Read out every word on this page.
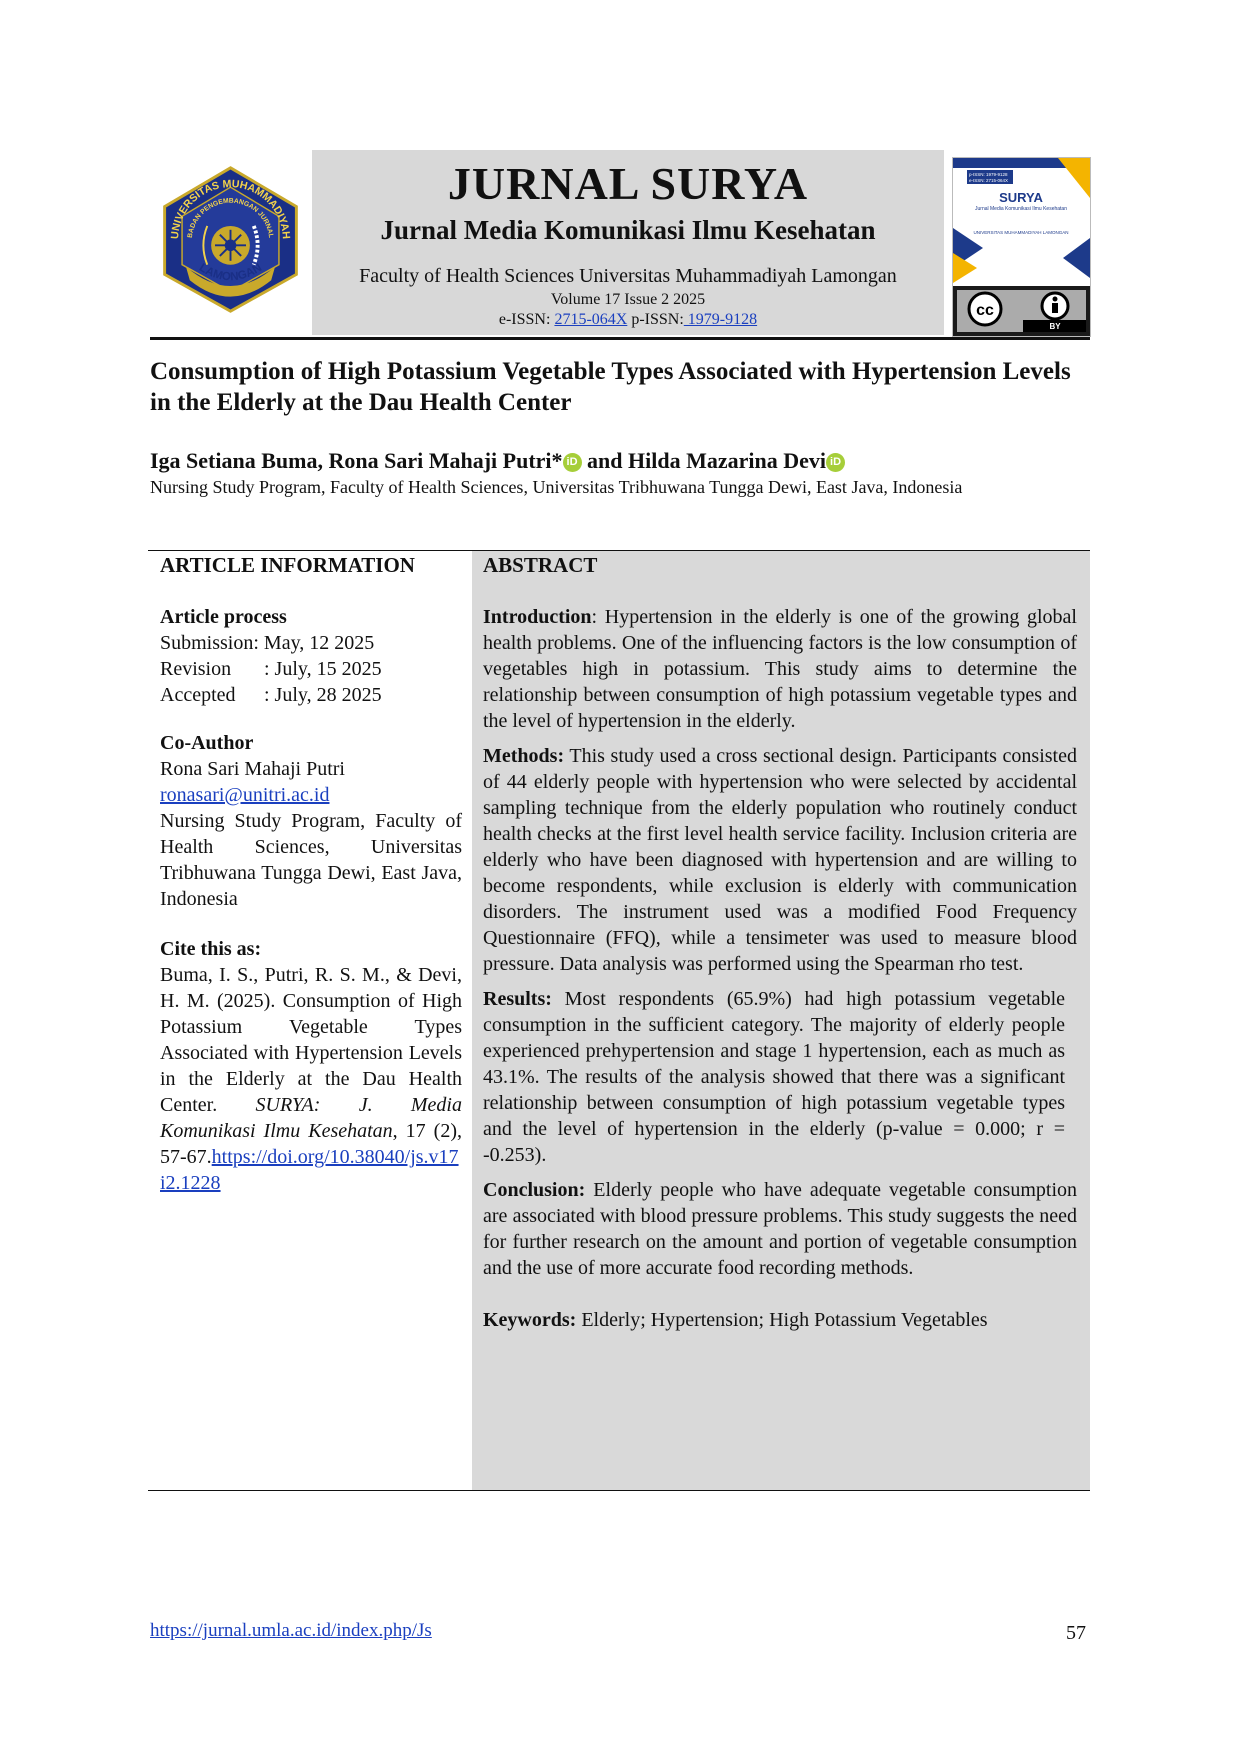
UNIVERSITAS MUHAMMADIYAH
BADAN PENGEMBANGAN JURNAL
LAMONGAN
JURNAL SURYA
Jurnal Media Komunikasi Ilmu Kesehatan
Faculty of Health Sciences Universitas Muhammadiyah Lamongan
Volume 17 Issue 2 2025
e-ISSN: 2715-064X p-ISSN: 1979-9128
p-ISSN: 1979-9128
e-ISSN: 2715-064X
SURYA
Jurnal Media Komunikasi Ilmu Kesehatan
UNIVERSITAS MUHAMMADIYAH LAMONGAN
cc
BY
Consumption of High Potassium Vegetable Types Associated with Hypertension Levels in the Elderly at the Dau Health Center
Iga Setiana Buma, Rona Sari Mahaji Putri* iD and Hilda Mazarina Devi iD
Nursing Study Program, Faculty of Health Sciences, Universitas Tribhuwana Tungga Dewi, East Java, Indonesia

ARTICLE INFORMATION

Article process

Submission : May, 12 2025
Revision	: July, 15 2025
Accepted	: July, 28 2025

Co-Author

Rona Sari Mahaji Putri

ronasari@unitri.ac.id

Nursing Study Program, Faculty of Health Sciences, Universitas Tribhuwana Tungga Dewi, East Java, Indonesia

Cite this as:

Buma, I. S., Putri, R. S. M., & Devi, H. M. (2025). Consumption of High Potassium Vegetable Types Associated with Hypertension Levels in the Elderly at the Dau Health Center. SURYA: J. Media Komunikasi Ilmu Kesehatan, 17 (2), 57-67.https://doi.org/10.38040/js.v17i2.1228

ABSTRACT

Introduction: Hypertension in the elderly is one of the growing global health problems. One of the influencing factors is the low consumption of vegetables high in potassium. This study aims to determine the relationship between consumption of high potassium vegetable types and the level of hypertension in the elderly.

Methods: This study used a cross sectional design. Participants consisted of 44 elderly people with hypertension who were selected by accidental sampling technique from the elderly population who routinely conduct health checks at the first level health service facility. Inclusion criteria are elderly who have been diagnosed with hypertension and are willing to become respondents, while exclusion is elderly with communication disorders. The instrument used was a modified Food Frequency Questionnaire (FFQ), while a tensimeter was used to measure blood pressure. Data analysis was performed using the Spearman rho test.

Results: Most respondents (65.9%) had high potassium vegetable consumption in the sufficient category. The majority of elderly people experienced prehypertension and stage 1 hypertension, each as much as 43.1%. The results of the analysis showed that there was a significant relationship between consumption of high potassium vegetable types and the level of hypertension in the elderly (p-value = 0.000; r = -0.253).

Conclusion: Elderly people who have adequate vegetable consumption are associated with blood pressure problems. This study suggests the need for further research on the amount and portion of vegetable consumption and the use of more accurate food recording methods.

Keywords: Elderly; Hypertension; High Potassium Vegetables

https://jurnal.umla.ac.id/index.php/Js	57
